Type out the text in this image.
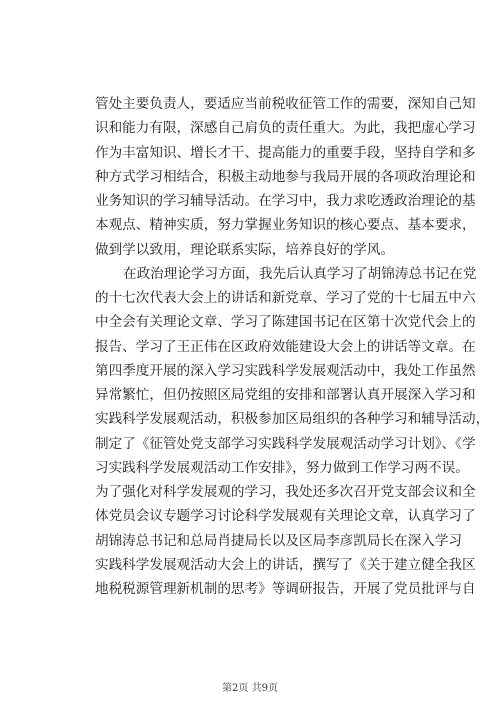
管处主要负责人，要适应当前税收征管工作的需要，深知自己知
识和能力有限，深感自己肩负的责任重大。为此，我把虚心学习
作为丰富知识、增长才干、提高能力的重要手段，坚持自学和多
种方式学习相结合，积极主动地参与我局开展的各项政治理论和
业务知识的学习辅导活动。在学习中，我力求吃透政治理论的基
本观点、精神实质，努力掌握业务知识的核心要点、基本要求，
做到学以致用，理论联系实际，培养良好的学风。
在政治理论学习方面，我先后认真学习了胡锦涛总书记在党
的十七次代表大会上的讲话和新党章、学习了党的十七届五中六
中全会有关理论文章、学习了陈建国书记在区第十次党代会上的
报告、学习了王正伟在区政府效能建设大会上的讲话等文章。在
第四季度开展的深入学习实践科学发展观活动中，我处工作虽然
异常繁忙，但仍按照区局党组的安排和部署认真开展深入学习和
实践科学发展观活动，积极参加区局组织的各种学习和辅导活动，
制定了《征管处党支部学习实践科学发展观活动学习计划》、《学
习实践科学发展观活动工作安排》，努力做到工作学习两不误。
为了强化对科学发展观的学习，我处还多次召开党支部会议和全
体党员会议专题学习讨论科学发展观有关理论文章，认真学习了
胡锦涛总书记和总局肖捷局长以及区局李彦凯局长在深入学习
实践科学发展观活动大会上的讲话，撰写了《关于建立健全我区
地税税源管理新机制的思考》等调研报告，开展了党员批评与自
第2页 共9页
